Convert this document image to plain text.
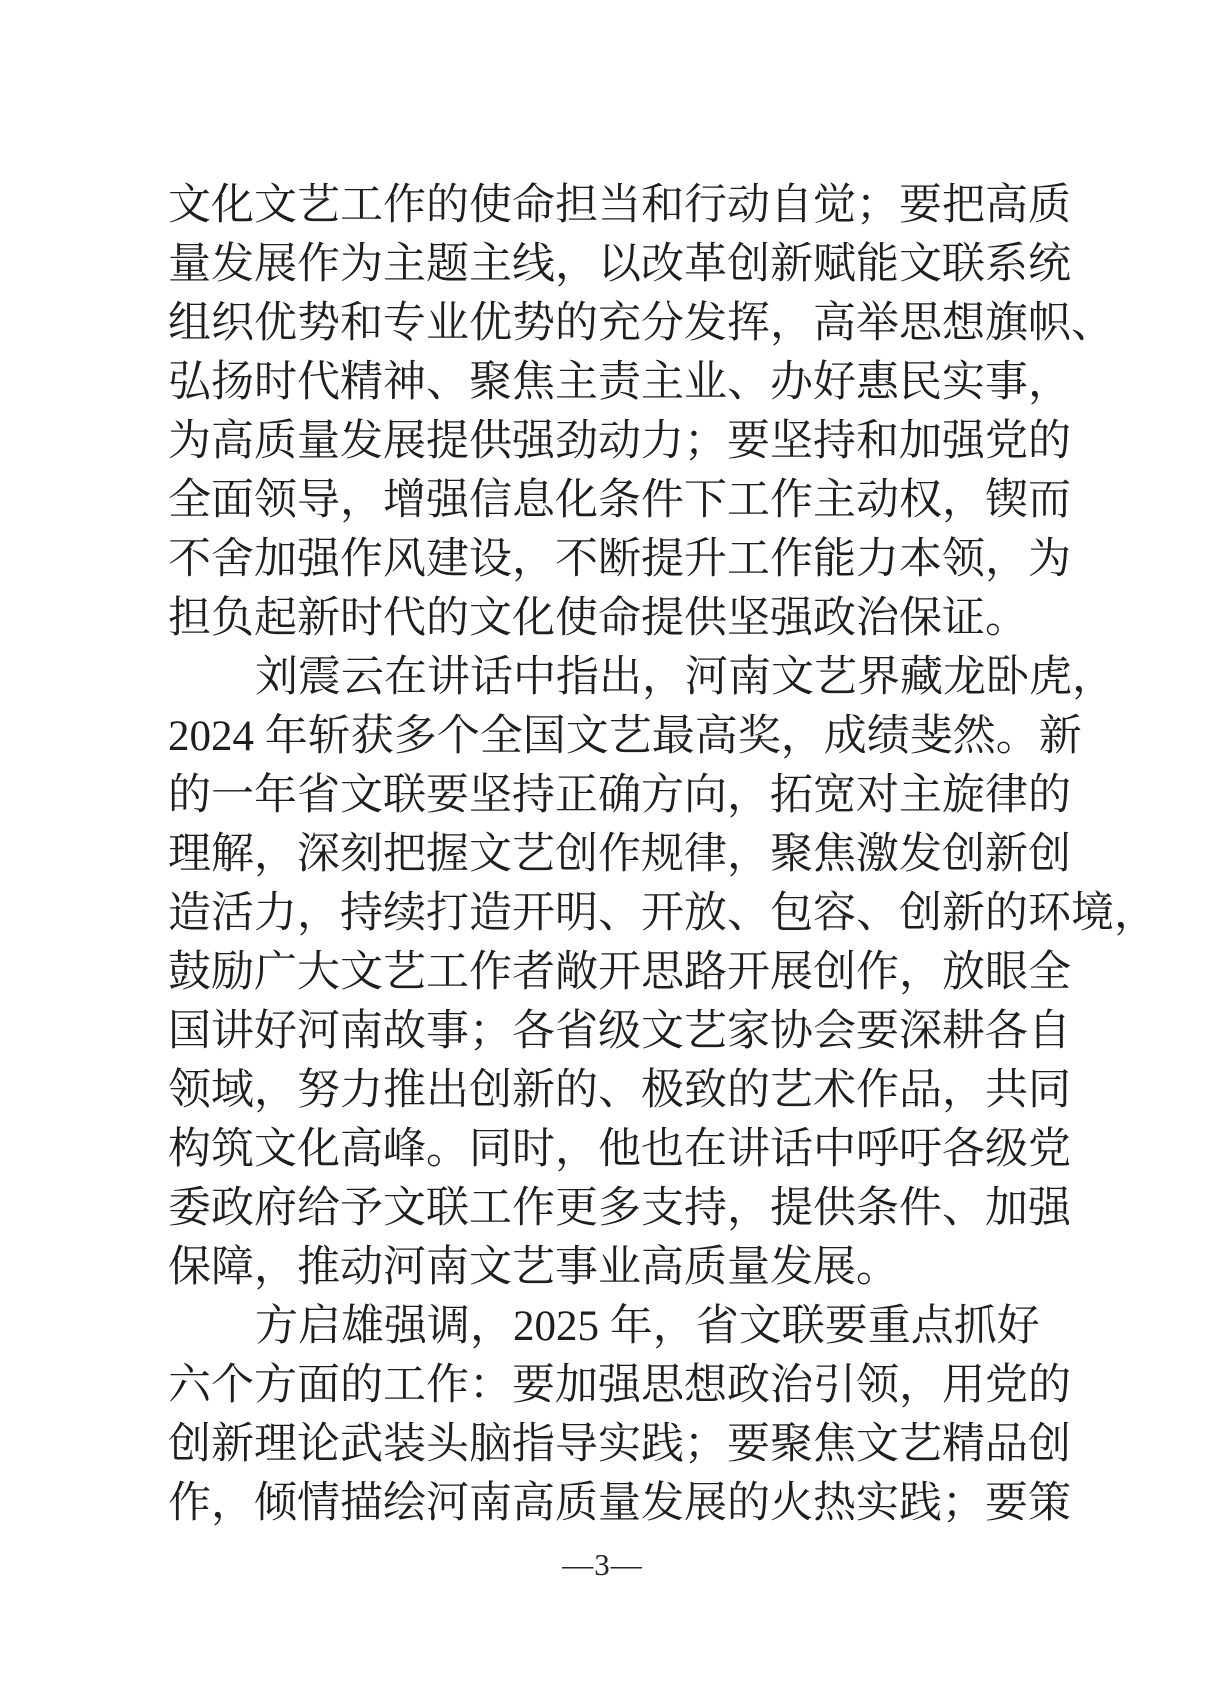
文化文艺工作的使命担当和行动自觉；要把高质
量发展作为主题主线，以改革创新赋能文联系统
组织优势和专业优势的充分发挥，高举思想旗帜、
弘扬时代精神、聚焦主责主业、办好惠民实事，
为高质量发展提供强劲动力；要坚持和加强党的
全面领导，增强信息化条件下工作主动权，锲而
不舍加强作风建设，不断提升工作能力本领，为
担负起新时代的文化使命提供坚强政治保证。
刘震云在讲话中指出，河南文艺界藏龙卧虎，
2024 年斩获多个全国文艺最高奖，成绩斐然。新
的一年省文联要坚持正确方向，拓宽对主旋律的
理解，深刻把握文艺创作规律，聚焦激发创新创
造活力，持续打造开明、开放、包容、创新的环境，
鼓励广大文艺工作者敞开思路开展创作，放眼全
国讲好河南故事；各省级文艺家协会要深耕各自
领域，努力推出创新的、极致的艺术作品，共同
构筑文化高峰。同时，他也在讲话中呼吁各级党
委政府给予文联工作更多支持，提供条件、加强
保障，推动河南文艺事业高质量发展。
方启雄强调，2025 年，省文联要重点抓好
六个方面的工作：要加强思想政治引领，用党的
创新理论武装头脑指导实践；要聚焦文艺精品创
作，倾情描绘河南高质量发展的火热实践；要策
—3—
